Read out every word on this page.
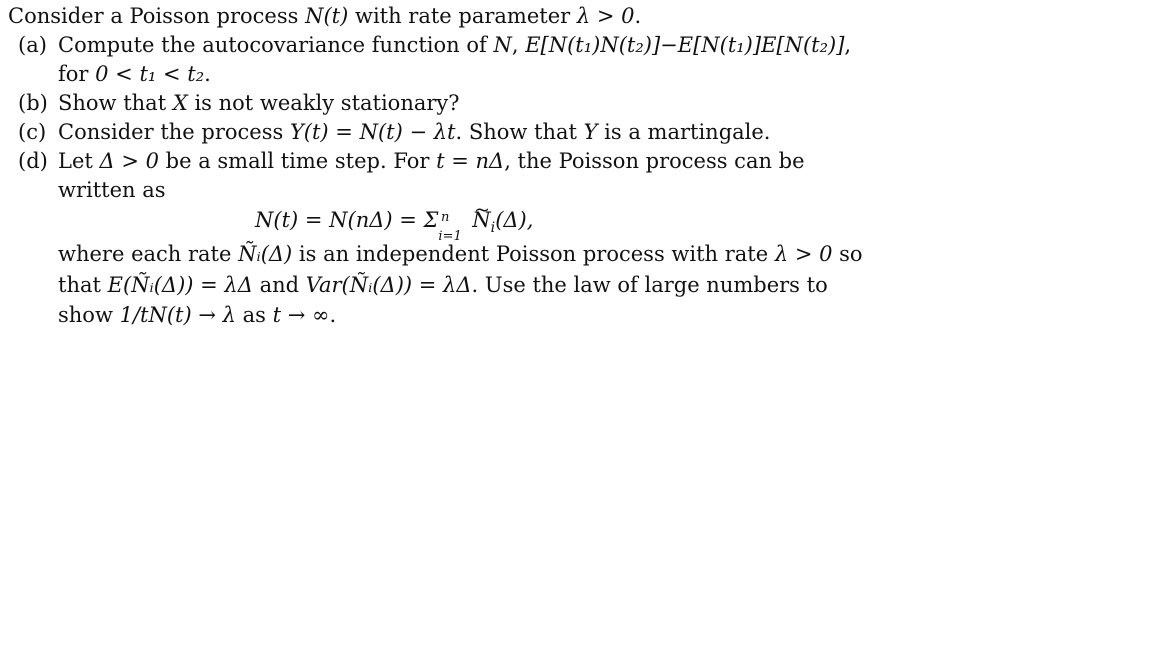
Consider a Poisson process N(t) with rate parameter λ > 0.
(a) Compute the autocovariance function of N, E[N(t₁)N(t₂)]−E[N(t₁)]E[N(t₂)],
for 0 < t₁ < t₂.
(b) Show that X is not weakly stationary?
(c) Consider the process Y(t) = N(t) − λt. Show that Y is a martingale.
(d) Let Δ > 0 be a small time step. For t = nΔ, the Poisson process can be
written as
N(t) = N(nΔ) = Σ n
i=1
~ $N_i(\Delta)$,
where each rate Ñᵢ(Δ) is an independent Poisson process with rate λ > 0 so
that E(Ñᵢ(Δ)) = λΔ and Var(Ñᵢ(Δ)) = λΔ. Use the law of large numbers to
show 1/tN(t) → λ as t → ∞.
